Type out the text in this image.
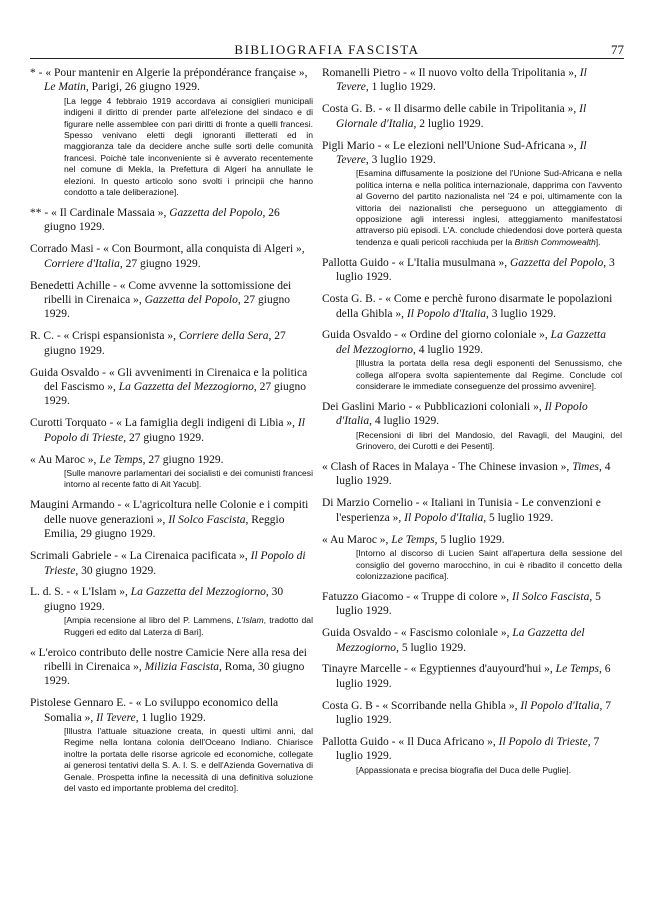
BIBLIOGRAFIA FASCISTA	77
* - « Pour mantenir en Algerie la prépondérance française », Le Matin, Parigi, 26 giugno 1929.
[La legge 4 febbraio 1919 accordava ai consiglieri municipali indigeni il diritto di prender parte all'elezione del sindaco e di figurare nelle assemblee con pari diritti di fronte a quelli francesi. Spesso venivano eletti degli ignoranti illetterati ed in maggioranza tale da decidere anche sulle sorti delle comunità francesi. Poichè tale inconveniente si è avverato recentemente nel comune di Mekla, la Prefettura di Algeri ha annullate le elezioni. In questo articolo sono svolti i principii che hanno condotto a tale deliberazione].
** - « Il Cardinale Massaia », Gazzetta del Popolo, 26 giugno 1929.
Corrado Masi - « Con Bourmont, alla conquista di Algeri », Corriere d'Italia, 27 giugno 1929.
Benedetti Achille - « Come avvenne la sottomissione dei ribelli in Cirenaica », Gazzetta del Popolo, 27 giugno 1929.
R. C. - « Crispi espansionista », Corriere della Sera, 27 giugno 1929.
Guida Osvaldo - « Gli avvenimenti in Cirenaica e la politica del Fascismo », La Gazzetta del Mezzogiorno, 27 giugno 1929.
Curotti Torquato - « La famiglia degli indigeni di Libia », Il Popolo di Trieste, 27 giugno 1929.
« Au Maroc », Le Temps, 27 giugno 1929.
[Sulle manovre parlamentari dei socialisti e dei comunisti francesi intorno al recente fatto di Ait Yacub].
Maugini Armando - « L'agricoltura nelle Colonie e i compiti delle nuove generazioni », Il Solco Fascista, Reggio Emilia, 29 giugno 1929.
Scrimali Gabriele - « La Cirenaica pacificata », Il Popolo di Trieste, 30 giugno 1929.
L. d. S. - « L'Islam », La Gazzetta del Mezzogiorno, 30 giugno 1929.
[Ampia recensione al libro del P. Lammens, L'Islam, tradotto dal Ruggeri ed edito dal Laterza di Bari].
« L'eroico contributo delle nostre Camicie Nere alla resa dei ribelli in Cirenaica », Milizia Fascista, Roma, 30 giugno 1929.
Pistolese Gennaro E. - « Lo sviluppo economico della Somalia », Il Tevere, 1 luglio 1929.
[Illustra l'attuale situazione creata, in questi ultimi anni, dal Regime nella lontana colonia dell'Oceano Indiano. Chiarisce inoltre la portata delle risorse agricole ed economiche, collegate ai generosi tentativi della S. A. I. S. e dell'Azienda Governativa di Genale. Prospetta infine la necessità di una definitiva soluzione del vasto ed importante problema del credito].
Romanelli Pietro - « Il nuovo volto della Tripolitania », Il Tevere, 1 luglio 1929.
Costa G. B. - « Il disarmo delle cabile in Tripolitania », Il Giornale d'Italia, 2 luglio 1929.
Pigli Mario - « Le elezioni nell'Unione Sud-Africana », Il Tevere, 3 luglio 1929.
[Esamina diffusamente la posizione del l'Unione Sud-Africana e nella politica interna e nella politica internazionale, dapprima con l'avvento al Governo del partito nazionalista nel '24 e poi, ultimamente con la vittoria dei nazionalisti che perseguono un atteggiamento di opposizione agli interessi inglesi, atteggiamento manifestatosi attraverso più episodi. L'A. conclude chiedendosi dove porterà questa tendenza e quali pericoli racchiuda per la British Commowealth].
Pallotta Guido - « L'Italia musulmana », Gazzetta del Popolo, 3 luglio 1929.
Costa G. B. - « Come e perchè furono disarmate le popolazioni della Ghibla », Il Popolo d'Italia, 3 luglio 1929.
Guida Osvaldo - « Ordine del giorno coloniale », La Gazzetta del Mezzogiorno, 4 luglio 1929.
[Illustra la portata della resa degli esponenti del Senussismo, che collega all'opera svolta sapientemente dal Regime. Conclude col considerare le immediate conseguenze del prossimo avvenire].
Dei Gaslini Mario - « Pubblicazioni coloniali », Il Popolo d'Italia, 4 luglio 1929.
[Recensioni di libri del Mandosio, del Ravagli, del Maugini, del Grinovero, dei Curotti e dei Pesenti].
« Clash of Races in Malaya - The Chinese invasion », Times, 4 luglio 1929.
Di Marzio Cornelio - « Italiani in Tunisia - Le convenzioni e l'esperienza », Il Popolo d'Italia, 5 luglio 1929.
« Au Maroc », Le Temps, 5 luglio 1929.
[Intorno al discorso di Lucien Saint all'apertura della sessione del consiglio del governo marocchino, in cui è ribadito il concetto della colonizzazione pacifica].
Fatuzzo Giacomo - « Truppe di colore », Il Solco Fascista, 5 luglio 1929.
Guida Osvaldo - « Fascismo coloniale », La Gazzetta del Mezzogiorno, 5 luglio 1929.
Tinayre Marcelle - « Egyptiennes d'auyourd'hui », Le Temps, 6 luglio 1929.
Costa G. B - « Scorribande nella Ghibla », Il Popolo d'Italia, 7 luglio 1929.
Pallotta Guido - « Il Duca Africano », Il Popolo di Trieste, 7 luglio 1929.
[Appassionata e precisa biografia del Duca delle Puglie].
